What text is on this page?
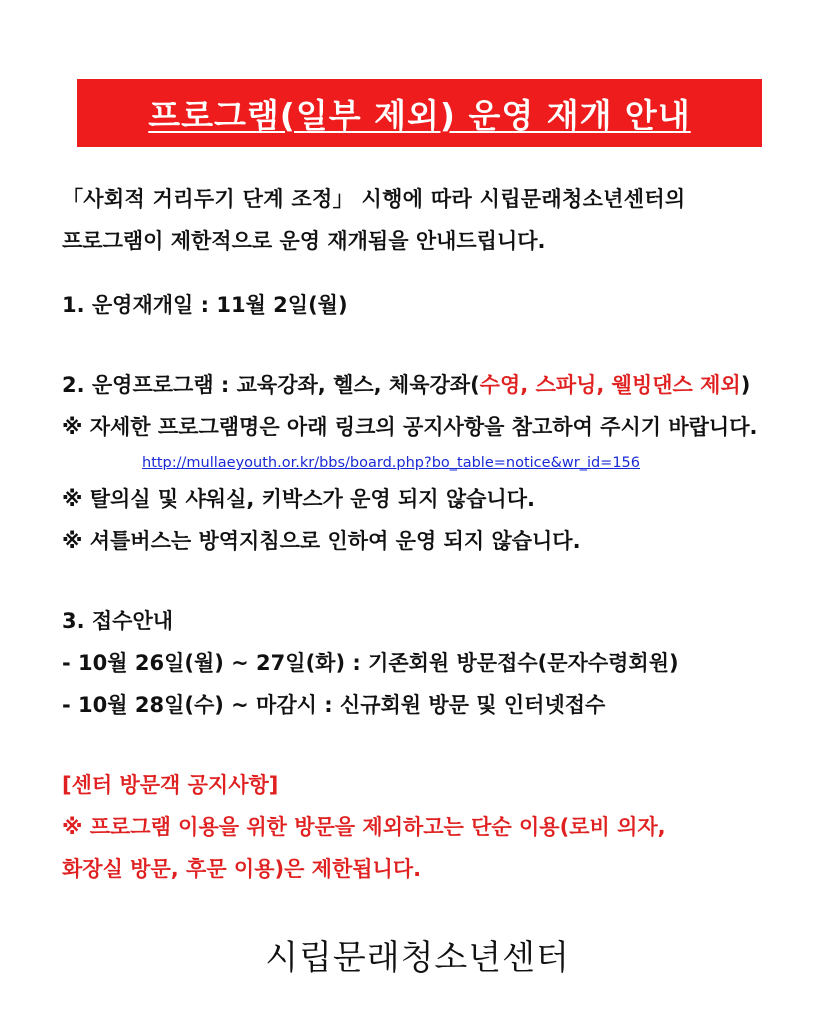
프로그램(일부 제외) 운영 재개 안내
「사회적 거리두기 단계 조정」 시행에 따라 시립문래청소년센터의
프로그램이 제한적으로 운영 재개됨을 안내드립니다.
1. 운영재개일 : 11월 2일(월)
2. 운영프로그램 : 교육강좌, 헬스, 체육강좌(수영, 스파닝, 웰빙댄스 제외)
※ 자세한 프로그램명은 아래 링크의 공지사항을 참고하여 주시기 바랍니다.
http://mullaeyouth.or.kr/bbs/board.php?bo_table=notice&wr_id=156
※ 탈의실 및 샤워실, 키박스가 운영 되지 않습니다.
※ 셔틀버스는 방역지침으로 인하여 운영 되지 않습니다.
3. 접수안내
- 10월 26일(월) ~ 27일(화) : 기존회원 방문접수(문자수령회원)
- 10월 28일(수) ~ 마감시 : 신규회원 방문 및 인터넷접수
[센터 방문객 공지사항]
※ 프로그램 이용을 위한 방문을 제외하고는 단순 이용(로비 의자,
화장실 방문, 후문 이용)은 제한됩니다.
시립문래청소년센터
